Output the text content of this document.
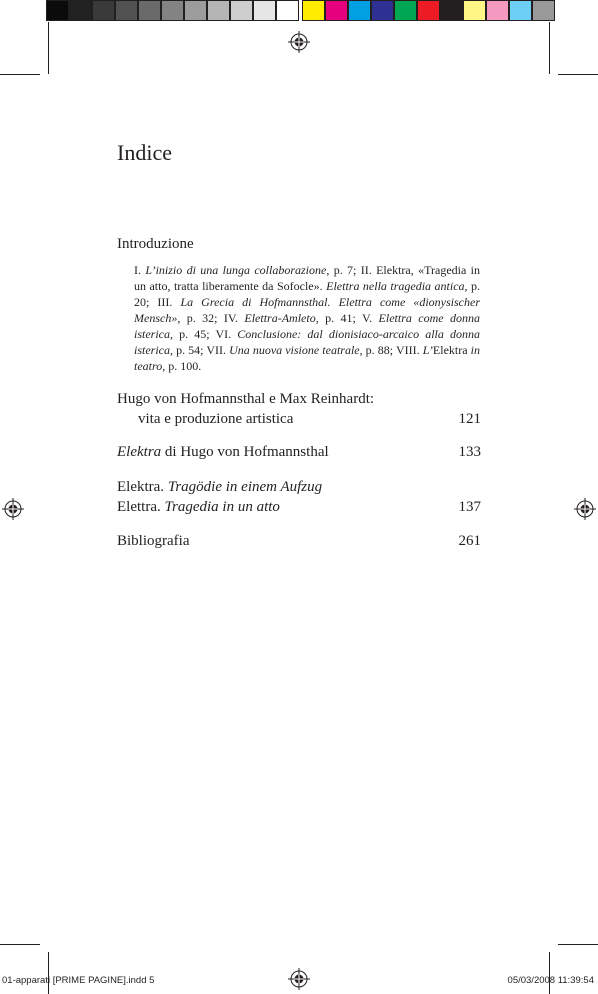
Indice
Introduzione
I. L’inizio di una lunga collaborazione, p. 7; II. Elektra, «Tragedia in un atto, tratta liberamente da Sofocle». Elettra nella tragedia antica, p. 20; III. La Grecia di Hofmannsthal. Elettra come «dionysischer Mensch», p. 32; IV. Elettra-Amleto, p. 41; V. Elettra come donna isterica, p. 45; VI. Conclusione: dal dionisiaco-arcaico alla donna isterica, p. 54; VII. Una nuova visione teatrale, p. 88; VIII. L’Elektra in teatro, p. 100.
Hugo von Hofmannsthal e Max Reinhardt:
vita e produzione artistica	121
Elektra di Hugo von Hofmannsthal	133
Elektra. Tragödie in einem Aufzug
Elettra. Tragedia in un atto	137
Bibliografia	261
01-apparati [PRIME PAGINE].indd 5	05/03/2008 11:39:54
